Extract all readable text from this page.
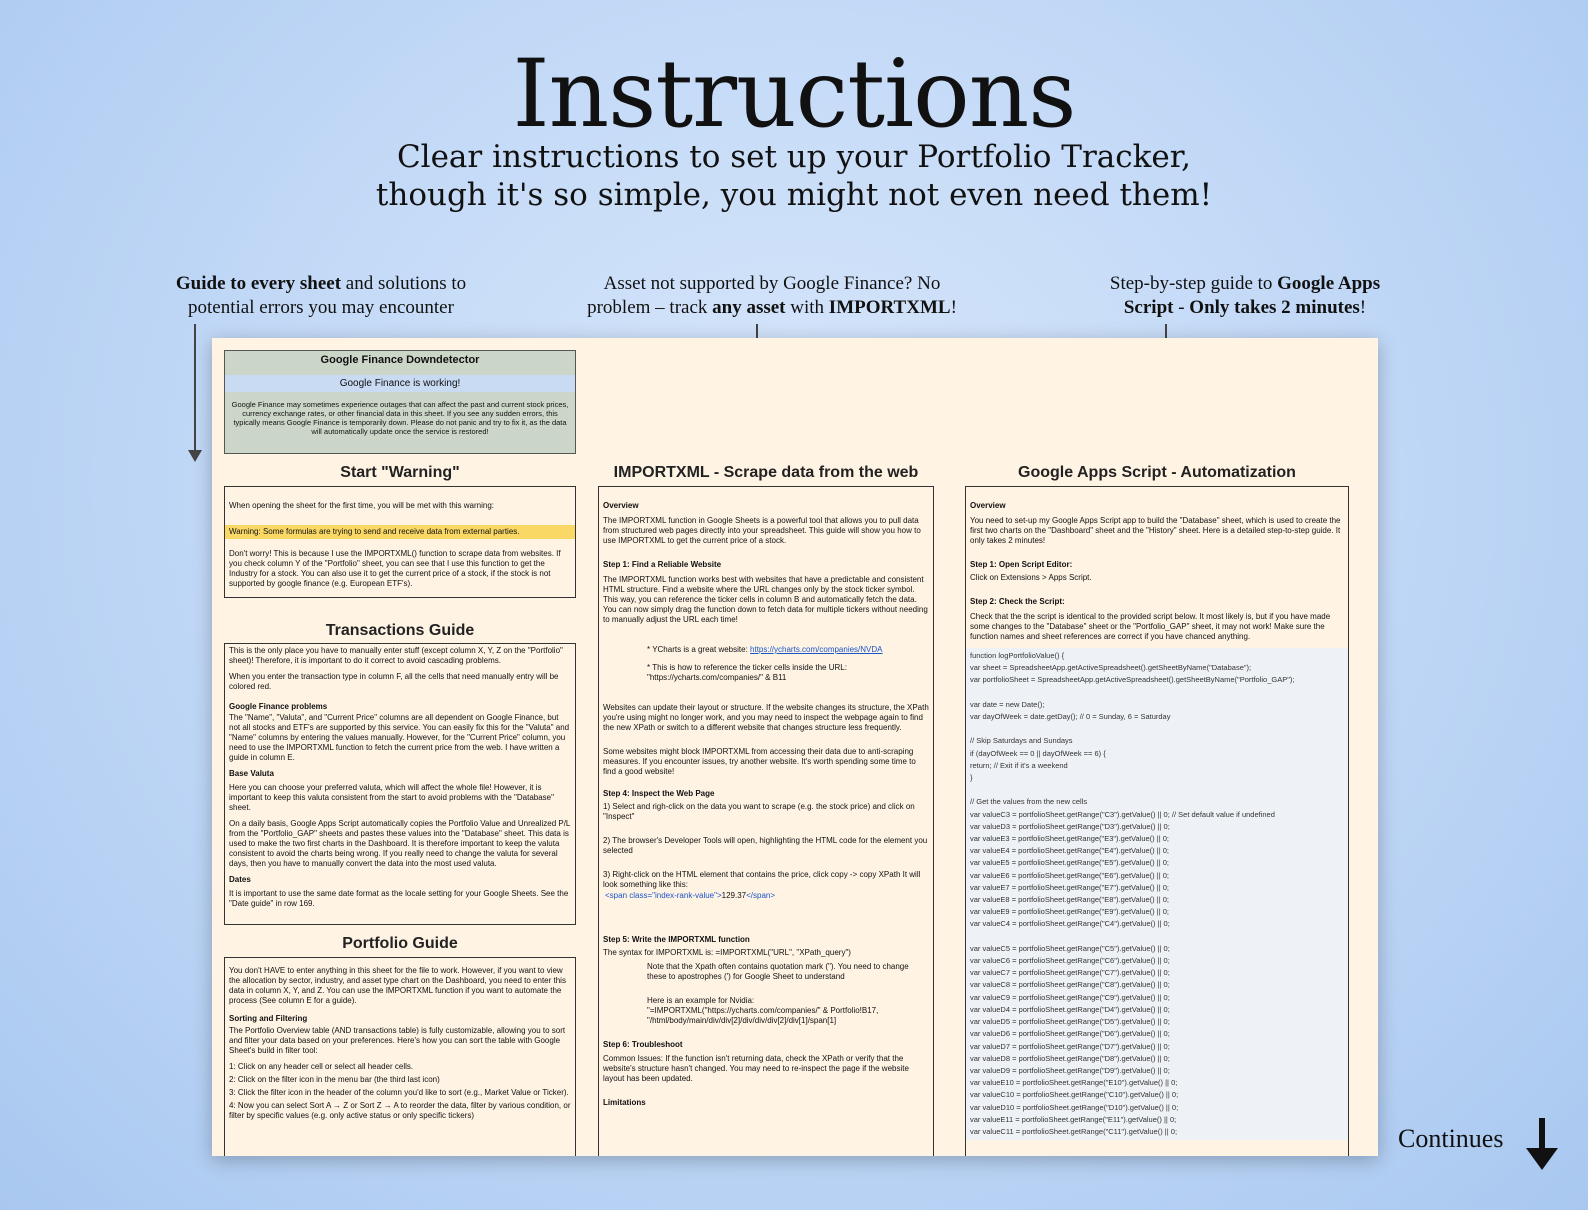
Instructions
Clear instructions to set up your Portfolio Tracker,
though it's so simple, you might not even need them!
Guide to every sheet and solutions to
potential errors you may encounter
Asset not supported by Google Finance? No
problem – track any asset with IMPORTXML!
Step-by-step guide to Google Apps
Script - Only takes 2 minutes!
Google Finance Downdetector
Google Finance is working!
Google Finance may sometimes experience outages that can affect the past and current stock prices, currency exchange rates, or other financial data in this sheet. If you see any sudden errors, this typically means Google Finance is temporarily down. Please do not panic and try to fix it, as the data will automatically update once the service is restored!
Start "Warning"

When opening the sheet for the first time, you will be met with this warning:

Warning: Some formulas are trying to send and receive data from external parties.

Don't worry! This is because I use the IMPORTXML() function to scrape data from websites. If you check column Y of the "Portfolio" sheet, you can see that I use this function to get the Industry for a stock. You can also use it to get the current price of a stock, if the stock is not supported by google finance (e.g. European ETF's).

Transactions Guide

This is the only place you have to manually enter stuff (except column X, Y, Z on the "Portfolio" sheet)! Therefore, it is important to do it correct to avoid cascading problems.

When you enter the transaction type in column F, all the cells that need manually entry will be colored red.

Google Finance problems

The "Name", "Valuta", and "Current Price" columns are all dependent on Google Finance, but not all stocks and ETF's are supported by this service. You can easily fix this for the "Valuta" and "Name" columns by entering the values manually. However, for the "Current Price" column, you need to use the IMPORTXML function to fetch the current price from the web. I have written a guide in column E.

Base Valuta

Here you can choose your preferred valuta, which will affect the whole file! However, it is important to keep this valuta consistent from the start to avoid problems with the "Database" sheet.

On a daily basis, Google Apps Script automatically copies the Portfolio Value and Unrealized P/L from the "Portfolio_GAP" sheets and pastes these values into the "Database" sheet. This data is used to make the two first charts in the Dashboard. It is therefore important to keep the valuta consistent to avoid the charts being wrong. If you really need to change the valuta for several days, then you have to manually convert the data into the most used valuta.

Dates

It is important to use the same date format as the locale setting for your Google Sheets. See the "Date guide" in row 169.

Portfolio Guide

You don't HAVE to enter anything in this sheet for the file to work. However, if you want to view the allocation by sector, industry, and asset type chart on the Dashboard, you need to enter this data in column X, Y, and Z. You can use the IMPORTXML function if you want to automate the process (See column E for a guide).

Sorting and Filtering

The Portfolio Overview table (AND transactions table) is fully customizable, allowing you to sort and filter your data based on your preferences. Here's how you can sort the table with Google Sheet's build in filter tool:

1: Click on any header cell or select all header cells.

2: Click on the filter icon in the menu bar (the third last icon)

3: Click the filter icon in the header of the column you'd like to sort (e.g., Market Value or Ticker).

4: Now you can select Sort A → Z or Sort Z → A to reorder the data, filter by various condition, or filter by specific values (e.g. only active status or only specific tickers)

IMPORTXML - Scrape data from the web

Overview

The IMPORTXML function in Google Sheets is a powerful tool that allows you to pull data from structured web pages directly into your spreadsheet. This guide will show you how to use IMPORTXML to get the current price of a stock.

Step 1: Find a Reliable Website

The IMPORTXML function works best with websites that have a predictable and consistent HTML structure. Find a website where the URL changes only by the stock ticker symbol. This way, you can reference the ticker cells in column B and automatically fetch the data. You can now simply drag the function down to fetch data for multiple tickers without needing to manually adjust the URL each time!

* YCharts is a great website: https://ycharts.com/companies/NVDA

* This is how to reference the ticker cells inside the URL: "https://ycharts.com/companies/" & B11

Websites can update their layout or structure. If the website changes its structure, the XPath you're using might no longer work, and you may need to inspect the webpage again to find the new XPath or switch to a different website that changes structure less frequently.

Some websites might block IMPORTXML from accessing their data due to anti-scraping measures. If you encounter issues, try another website. It's worth spending some time to find a good website!

Step 4: Inspect the Web Page

1) Select and righ-click on the data you want to scrape (e.g. the stock price) and click on "Inspect"

2) The browser's Developer Tools will open, highlighting the HTML code for the element you selected

3) Right-click on the HTML element that contains the price, click copy -> copy XPath It will look something like this:

<span class="index-rank-value">129.37</span>

Step 5: Write the IMPORTXML function

The syntax for IMPORTXML is: =IMPORTXML("URL", "XPath_query")

Note that the Xpath often contains quotation mark ("). You need to change these to apostrophes (') for Google Sheet to understand

Here is an example for Nvidia: "=IMPORTXML("https://ycharts.com/companies/" & Portfolio!B17, "/html/body/main/div/div[2]/div/div/div[2]/div[1]/span[1]

Step 6: Troubleshoot

Common Issues: If the function isn't returning data, check the XPath or verify that the website's structure hasn't changed. You may need to re-inspect the page if the website layout has been updated.

Limitations

Google Apps Script - Automatization

Overview

You need to set-up my Google Apps Script app to build the "Database" sheet, which is used to create the first two charts on the "Dashboard" sheet and the "History" sheet. Here is a detailed step-to-step guide. It only takes 2 minutes!

Step 1: Open Script Editor:

Click on Extensions > Apps Script.

Step 2: Check the Script:

Check that the the script is identical to the provided script below. It most likely is, but if you have made some changes to the "Database" sheet or the "Portfolio_GAP" sheet, it may not work! Make sure the function names and sheet references are correct if you have chanced anything.

function logPortfolioValue() {
var sheet = SpreadsheetApp.getActiveSpreadsheet().getSheetByName("Database");
var portfolioSheet = SpreadsheetApp.getActiveSpreadsheet().getSheetByName("Portfolio_GAP");

var date = new Date();
var dayOfWeek = date.getDay(); // 0 = Sunday, 6 = Saturday

// Skip Saturdays and Sundays
if (dayOfWeek == 0 || dayOfWeek == 6) {
return; // Exit if it's a weekend
}

// Get the values from the new cells
var valueC3 = portfolioSheet.getRange("C3").getValue() || 0; // Set default value if undefined
var valueD3 = portfolioSheet.getRange("D3").getValue() || 0;
var valueE3 = portfolioSheet.getRange("E3").getValue() || 0;
var valueE4 = portfolioSheet.getRange("E4").getValue() || 0;
var valueE5 = portfolioSheet.getRange("E5").getValue() || 0;
var valueE6 = portfolioSheet.getRange("E6").getValue() || 0;
var valueE7 = portfolioSheet.getRange("E7").getValue() || 0;
var valueE8 = portfolioSheet.getRange("E8").getValue() || 0;
var valueE9 = portfolioSheet.getRange("E9").getValue() || 0;
var valueC4 = portfolioSheet.getRange("C4").getValue() || 0;

var valueC5 = portfolioSheet.getRange("C5").getValue() || 0;
var valueC6 = portfolioSheet.getRange("C6").getValue() || 0;
var valueC7 = portfolioSheet.getRange("C7").getValue() || 0;
var valueC8 = portfolioSheet.getRange("C8").getValue() || 0;
var valueC9 = portfolioSheet.getRange("C9").getValue() || 0;
var valueD4 = portfolioSheet.getRange("D4").getValue() || 0;
var valueD5 = portfolioSheet.getRange("D5").getValue() || 0;
var valueD6 = portfolioSheet.getRange("D6").getValue() || 0;
var valueD7 = portfolioSheet.getRange("D7").getValue() || 0;
var valueD8 = portfolioSheet.getRange("D8").getValue() || 0;
var valueD9 = portfolioSheet.getRange("D9").getValue() || 0;
var valueE10 = portfolioSheet.getRange("E10").getValue() || 0;
var valueC10 = portfolioSheet.getRange("C10").getValue() || 0;
var valueD10 = portfolioSheet.getRange("D10").getValue() || 0;
var valueE11 = portfolioSheet.getRange("E11").getValue() || 0;
var valueC11 = portfolioSheet.getRange("C11").getValue() || 0;	Continues
